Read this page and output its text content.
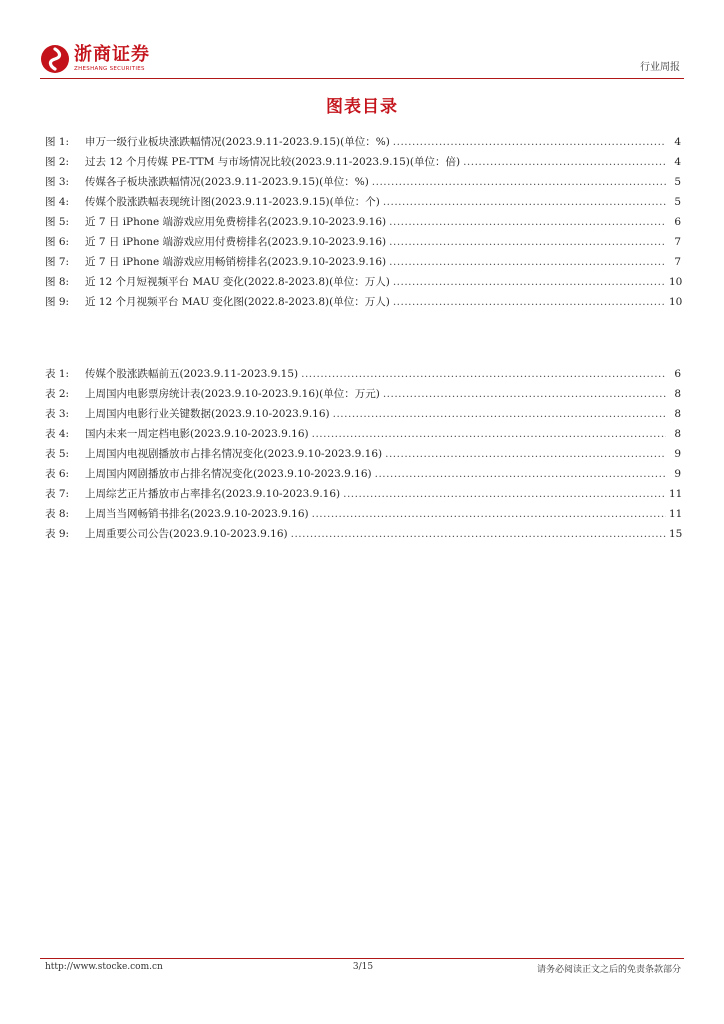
浙商证券
ZHESHANG SECURITIES	行业周报
图表目录
图 1:	申万一级行业板块涨跌幅情况(2023.9.11-2023.9.15)(单位：%) .....	4
图 2:	过去 12 个月传媒 PE-TTM 与市场情况比较(2023.9.11-2023.9.15)(单位：倍) .....	4
图 3:	传媒各子板块涨跌幅情况(2023.9.11-2023.9.15)(单位：%) .....	5
图 4:	传媒个股涨跌幅表现统计图(2023.9.11-2023.9.15)(单位：个) .....	5
图 5:	近 7 日 iPhone 端游戏应用免费榜排名(2023.9.10-2023.9.16) .....	6
图 6:	近 7 日 iPhone 端游戏应用付费榜排名(2023.9.10-2023.9.16) .....	7
图 7:	近 7 日 iPhone 端游戏应用畅销榜排名(2023.9.10-2023.9.16) .....	7
图 8:	近 12 个月短视频平台 MAU 变化(2022.8-2023.8)(单位：万人) .....	10
图 9:	近 12 个月视频平台 MAU 变化图(2022.8-2023.8)(单位：万人) .....	10
表 1:	传媒个股涨跌幅前五(2023.9.11-2023.9.15) .....	6
表 2:	上周国内电影票房统计表(2023.9.10-2023.9.16)(单位：万元) .....	8
表 3:	上周国内电影行业关键数据(2023.9.10-2023.9.16) .....	8
表 4:	国内未来一周定档电影(2023.9.10-2023.9.16) .....	8
表 5:	上周国内电视剧播放市占排名情况变化(2023.9.10-2023.9.16) .....	9
表 6:	上周国内网剧播放市占排名情况变化(2023.9.10-2023.9.16) .....	9
表 7:	上周综艺正片播放市占率排名(2023.9.10-2023.9.16) .....	11
表 8:	上周当当网畅销书排名(2023.9.10-2023.9.16) .....	11
表 9:	上周重要公司公告(2023.9.10-2023.9.16) .....	15
http://www.stocke.com.cn	3/15	请务必阅读正文之后的免责条款部分
